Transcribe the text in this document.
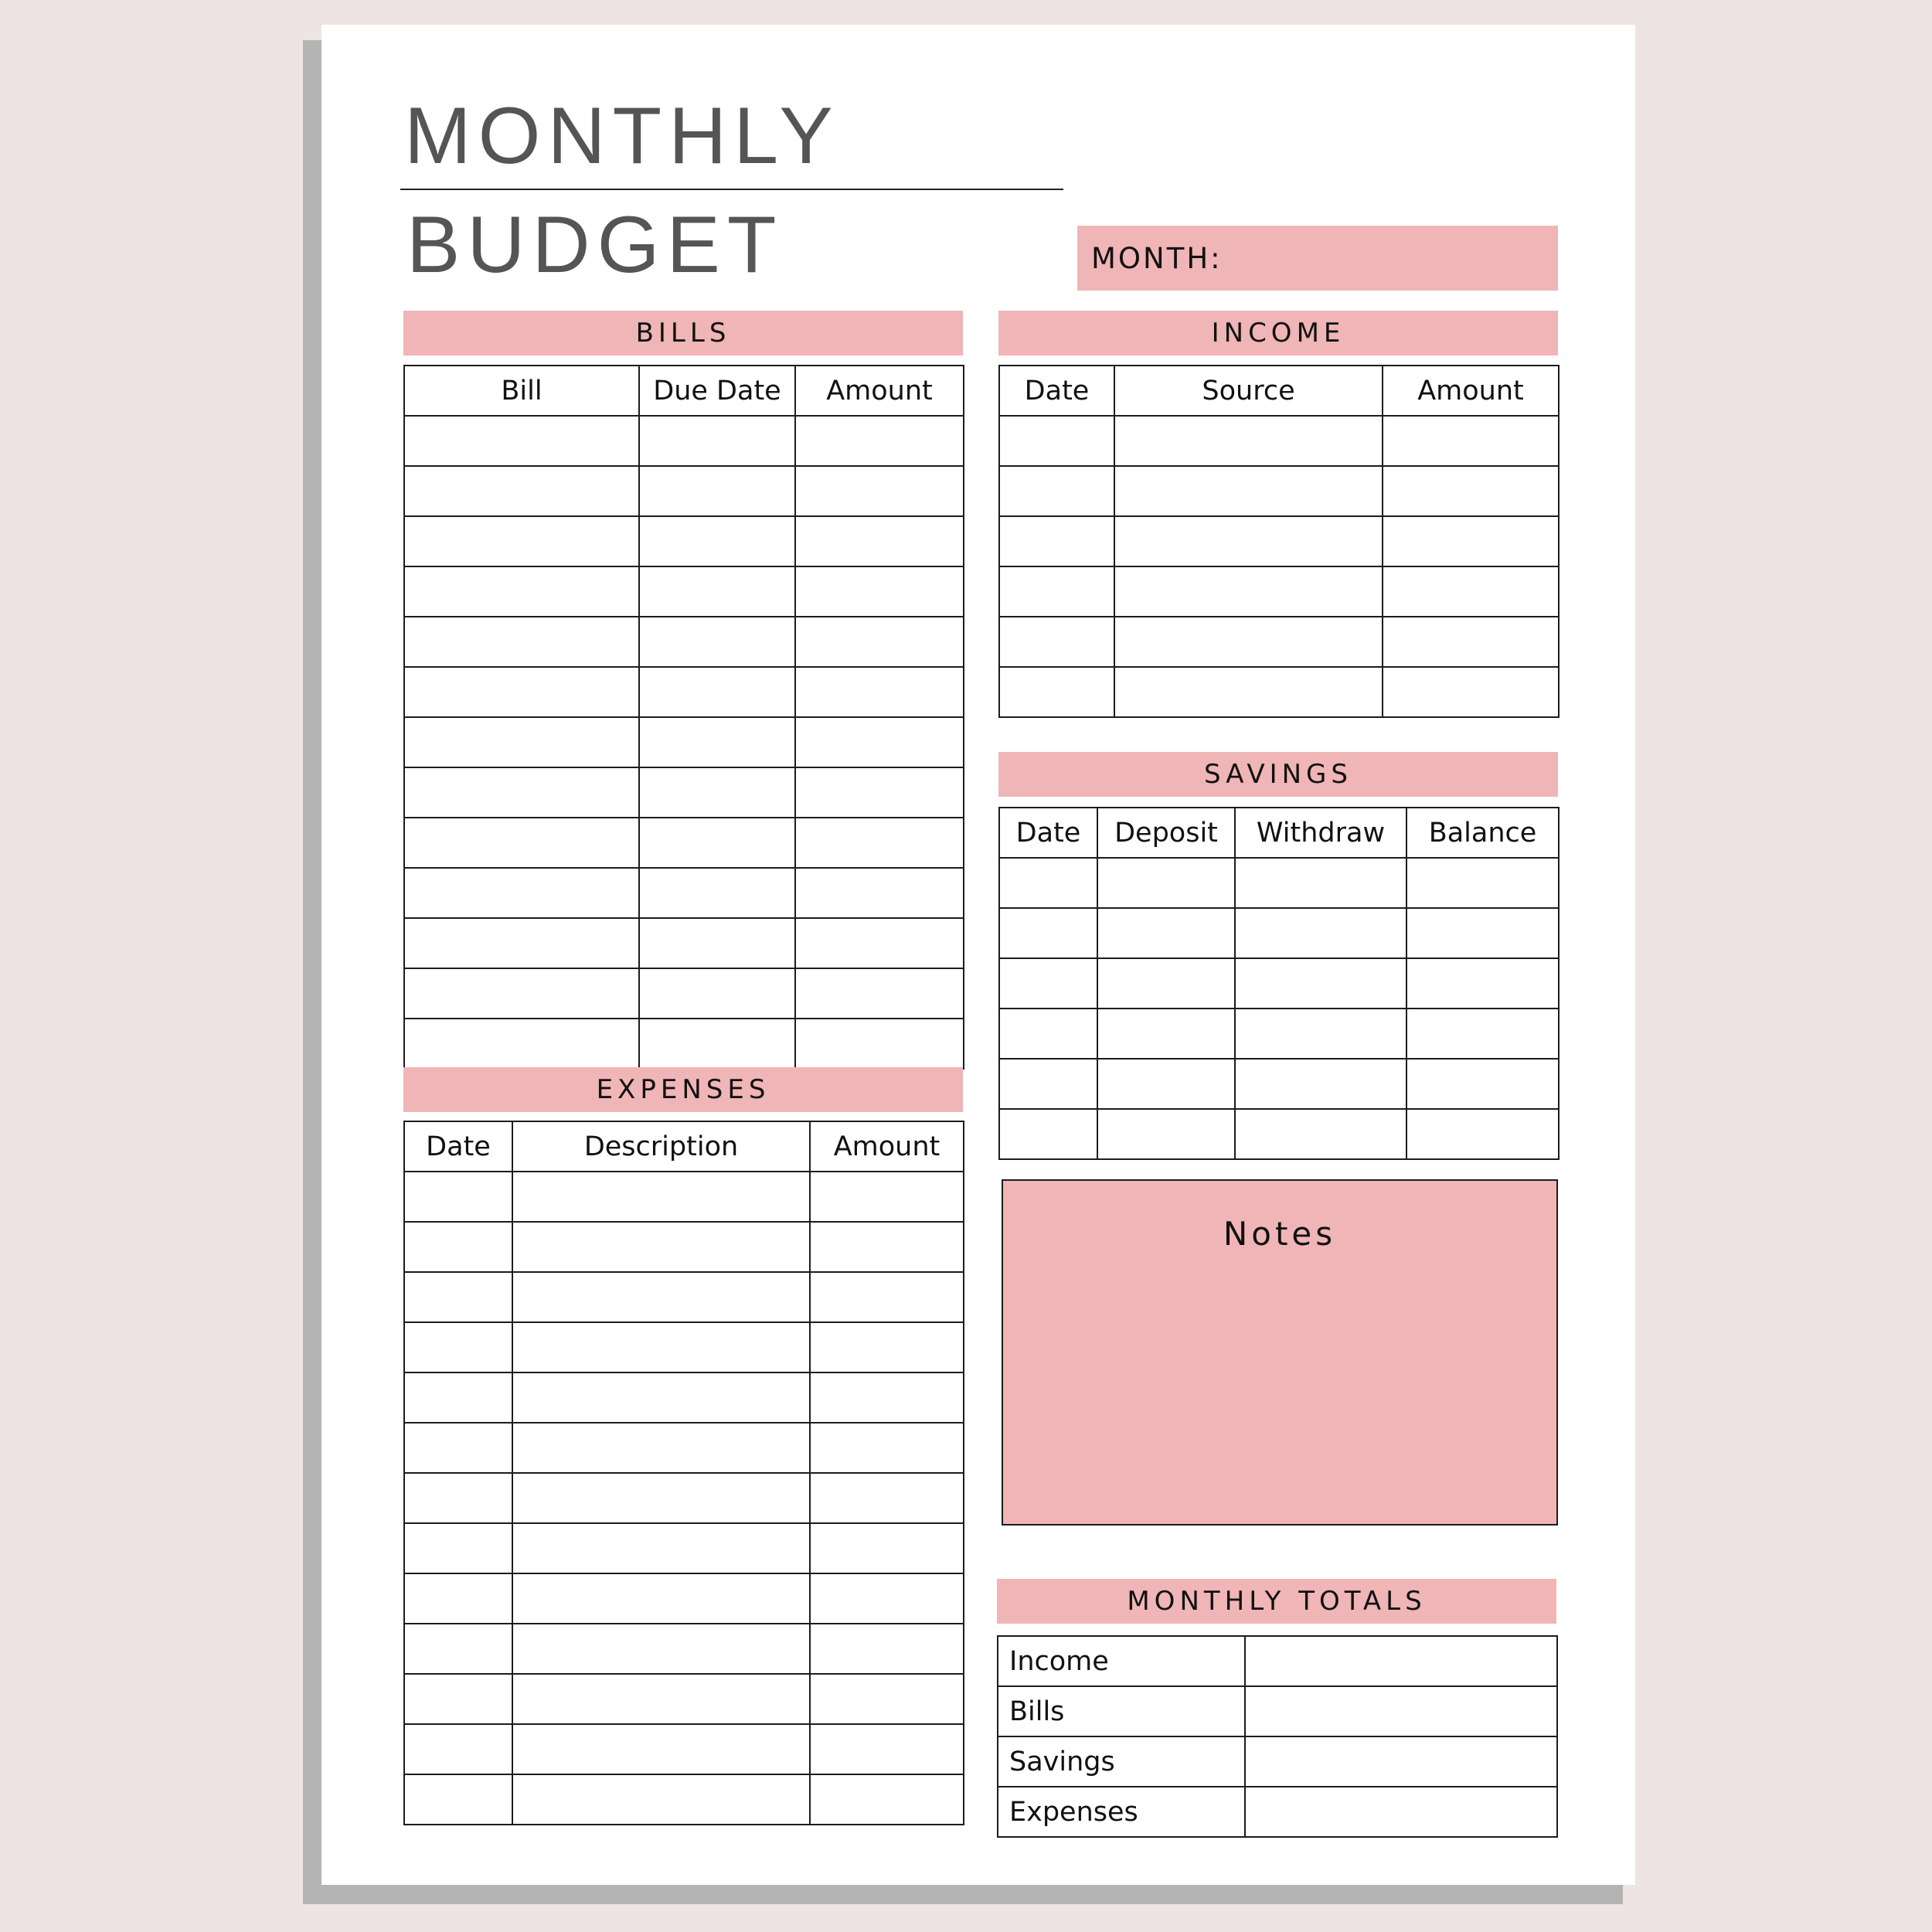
MONTHLY
BUDGET	MONTH:
BILLS
Bill	Due Date	Amount

EXPENSES
Date	Description	Amount

INCOME
Date	Source	Amount

SAVINGS
Date	Deposit	Withdraw	Balance

Notes
MONTHLY TOTALS
Income	
Bills	
Savings	
Expenses	
